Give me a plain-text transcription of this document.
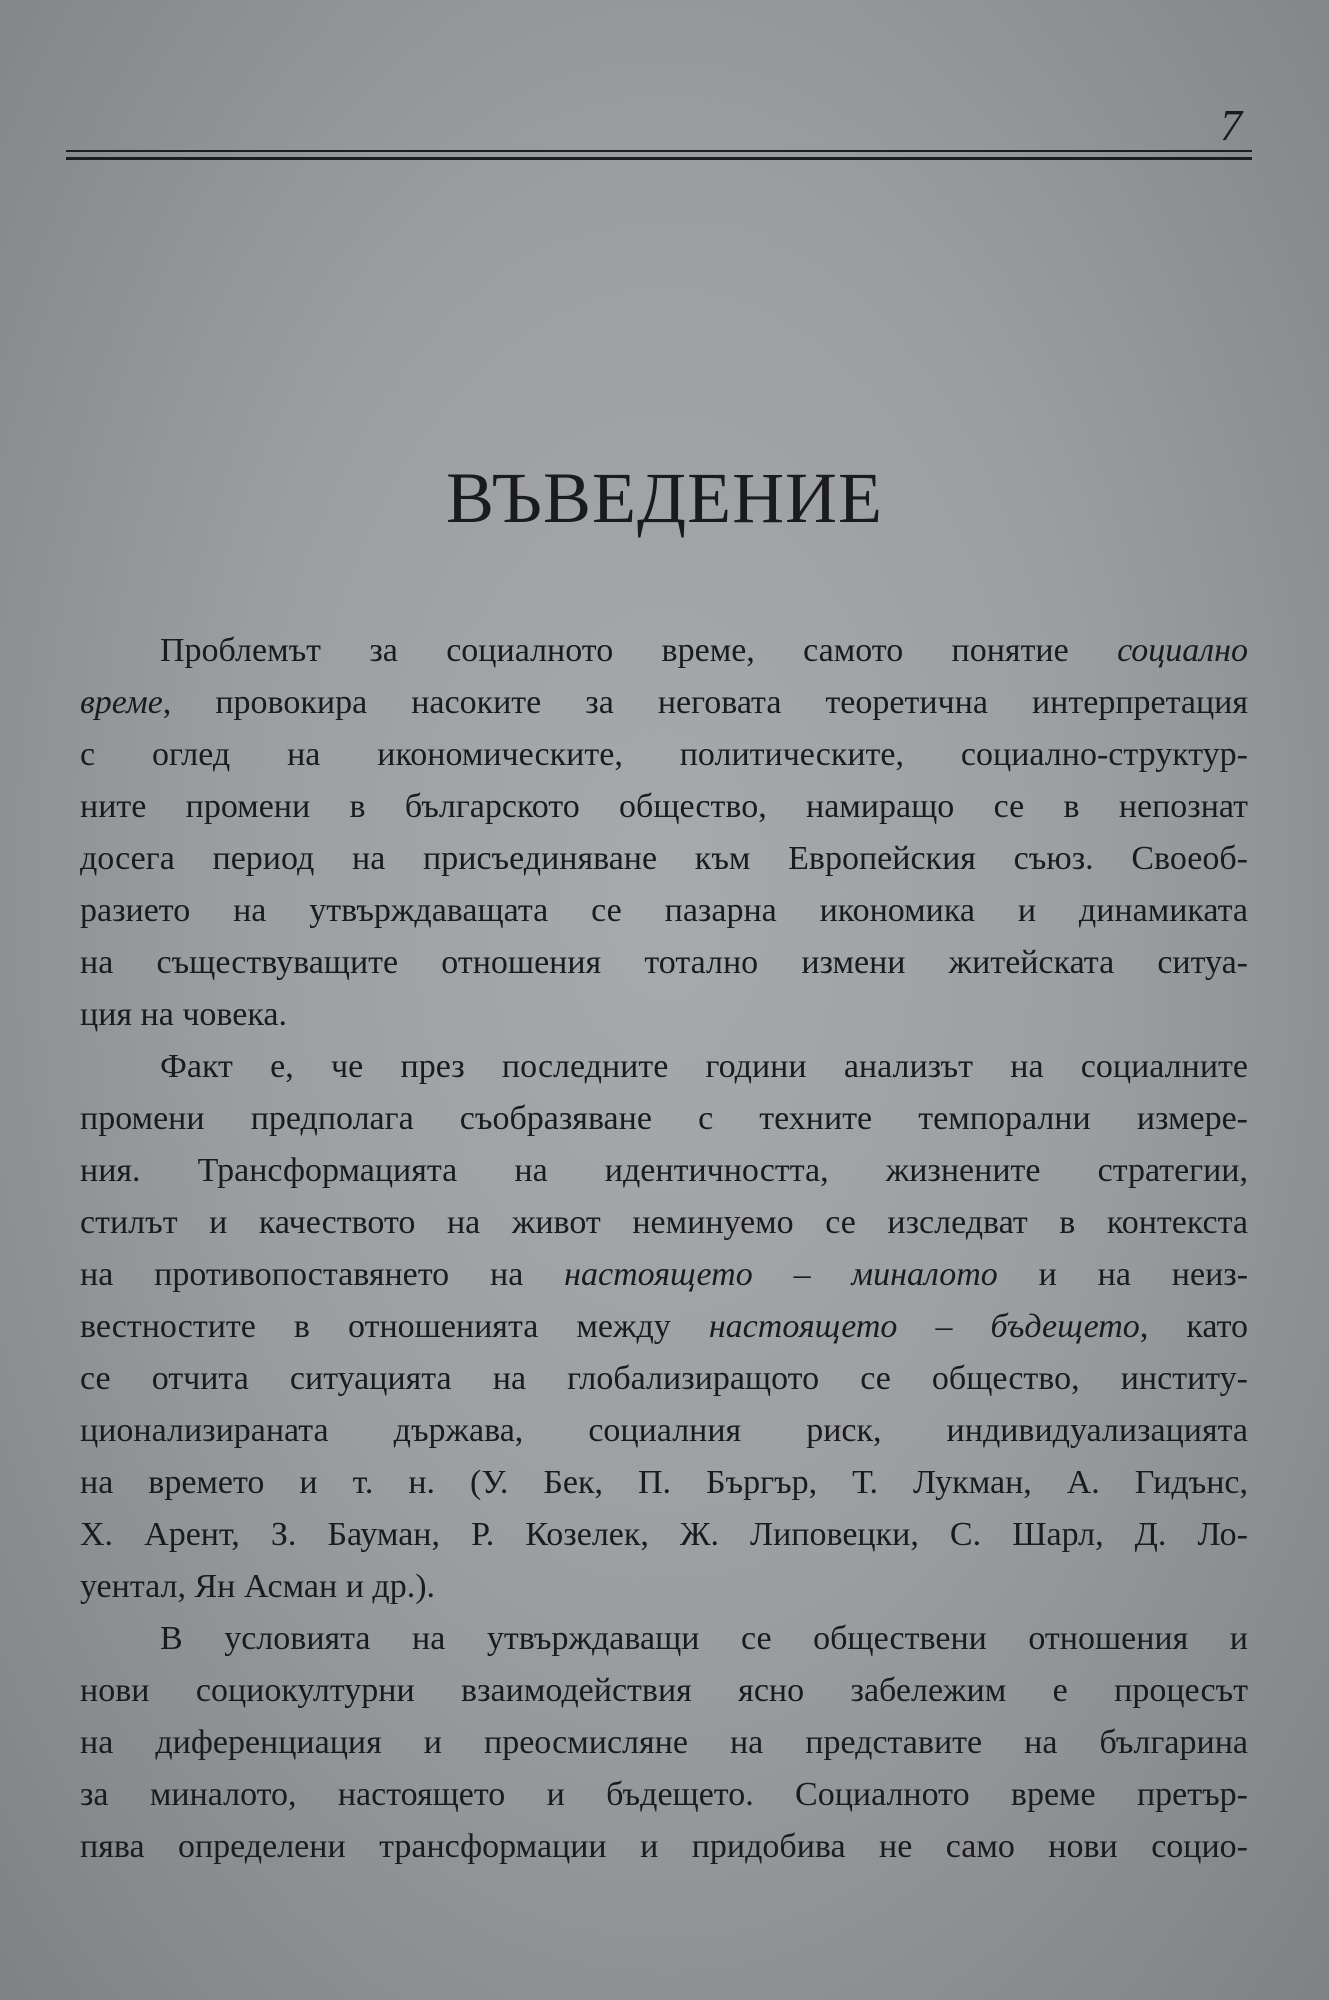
7
ВЪВЕДЕНИЕ
Проблемът за социалното време, самото понятие социално
време, провокира насоките за неговата теоретична интерпретация
с оглед на икономическите, политическите, социално-структур-
ните промени в българското общество, намиращо се в непознат
досега период на присъединяване към Европейския съюз. Своеоб-
разието на утвърждаващата се пазарна икономика и динамиката
на съществуващите отношения тотално измени житейската ситуа-
ция на човека.
Факт е, че през последните години анализът на социалните
промени предполага съобразяване с техните темпорални измере-
ния. Трансформацията на идентичността, жизнените стратегии,
стилът и качеството на живот неминуемо се изследват в контекста
на противопоставянето на настоящето – миналото и на неиз-
вестностите в отношенията между настоящето – бъдещето, като
се отчита ситуацията на глобализиращото се общество, институ-
ционализираната държава, социалния риск, индивидуализацията
на времето и т. н. (У. Бек, П. Бъргър, Т. Лукман, А. Гидънс,
Х. Арент, З. Бауман, Р. Козелек, Ж. Липовецки, С. Шарл, Д. Ло-
уентал, Ян Асман и др.).
В условията на утвърждаващи се обществени отношения и
нови социокултурни взаимодействия ясно забележим е процесът
на диференциация и преосмисляне на представите на българина
за миналото, настоящето и бъдещето. Социалното време претър-
пява определени трансформации и придобива не само нови социо-
